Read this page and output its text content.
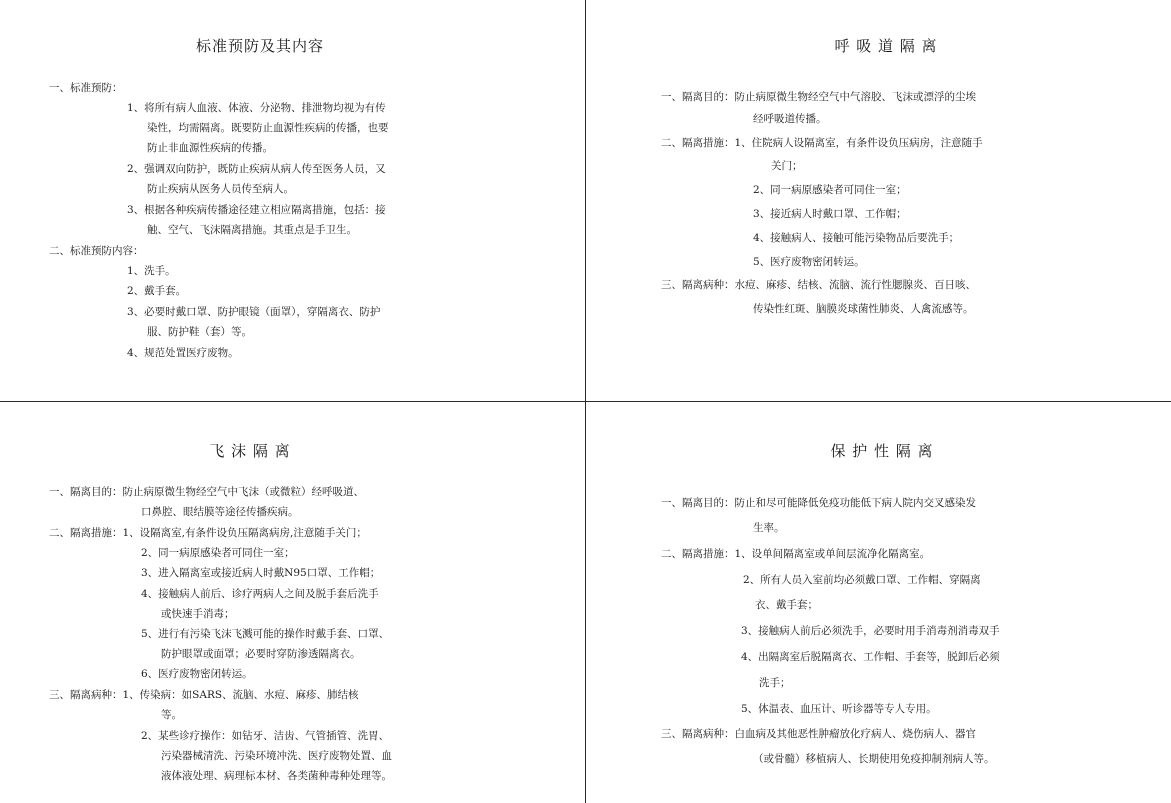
标准预防及其内容
一、标准预防：
1、将所有病人血液、体液、分泌物、排泄物均视为有传
染性，均需隔离。既要防止血源性疾病的传播，也要
防止非血源性疾病的传播。
2、强调双向防护，既防止疾病从病人传至医务人员，又
防止疾病从医务人员传至病人。
3、根据各种疾病传播途径建立相应隔离措施，包括：接
触、空气、飞沫隔离措施。其重点是手卫生。
二、标准预防内容：
1、洗手。
2、戴手套。
3、必要时戴口罩、防护眼镜（面罩），穿隔离衣、防护
服、防护鞋（套）等。
4、规范处置医疗废物。
呼 吸 道 隔 离
一、隔离目的：防止病原微生物经空气中气溶胶、飞沫或漂浮的尘埃
经呼吸道传播。
二、隔离措施：1、住院病人设隔离室，有条件设负压病房，注意随手
关门；
2、同一病原感染者可同住一室；
3、接近病人时戴口罩、工作帽；
4、接触病人、接触可能污染物品后要洗手；
5、医疗废物密闭转运。
三、隔离病种：水痘、麻疹、结核、流脑、流行性腮腺炎、百日咳、
传染性红斑、脑膜炎球菌性肺炎、人禽流感等。
飞 沫 隔 离
一、隔离目的：防止病原微生物经空气中飞沫（或微粒）经呼吸道、
口鼻腔、眼结膜等途径传播疾病。
二、隔离措施：1、设隔离室,有条件设负压隔离病房,注意随手关门；
2、同一病原感染者可同住一室；
3、进入隔离室或接近病人时戴N95口罩、工作帽；
4、接触病人前后、诊疗两病人之间及脱手套后洗手
或快速手消毒；
5、进行有污染飞沫飞溅可能的操作时戴手套、口罩、
防护眼罩或面罩；必要时穿防渗透隔离衣。
6、医疗废物密闭转运。
三、隔离病种：1、传染病：如SARS、流脑、水痘、麻疹、肺结核
等。
2、某些诊疗操作：如钻牙、洁齿、气管插管、洗胃、
污染器械清洗、污染环境冲洗、医疗废物处置、血
液体液处理、病理标本材、各类菌种毒种处理等。
保 护 性 隔 离
一、隔离目的：防止和尽可能降低免疫功能低下病人院内交叉感染发
生率。
二、隔离措施：1、设单间隔离室或单间层流净化隔离室。
2、所有人员入室前均必须戴口罩、工作帽、穿隔离
衣、戴手套；
3、接触病人前后必须洗手，必要时用手消毒剂消毒双手
4、出隔离室后脱隔离衣、工作帽、手套等，脱卸后必须
洗手；
5、体温表、血压计、听诊器等专人专用。
三、隔离病种：白血病及其他恶性肿瘤放化疗病人、烧伤病人、器官
（或骨髓）移植病人、长期使用免疫抑制剂病人等。
